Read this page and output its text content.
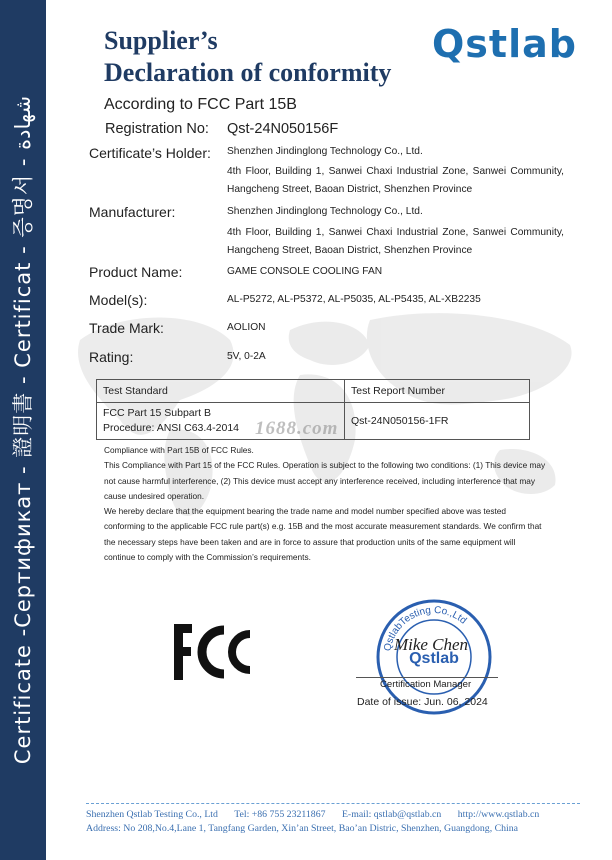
Certificate -Сертификат - 證明書 - Certificat - 증명서 - شهادة
Supplier’s
Declaration of conformity
Qstlab
According to FCC Part 15B
Registration No: Qst-24N050156F
Certificate’s Holder: Shenzhen Jindinglong Technology Co., Ltd.
4th Floor, Building 1, Sanwei Chaxi Industrial Zone, Sanwei Community, Hangcheng Street, Baoan District, Shenzhen Province
Manufacturer:	Shenzhen Jindinglong Technology Co., Ltd.
4th Floor, Building 1, Sanwei Chaxi Industrial Zone, Sanwei Community, Hangcheng Street, Baoan District, Shenzhen Province
Product Name:	GAME CONSOLE COOLING FAN
Model(s):	AL-P5272, AL-P5372, AL-P5035, AL-P5435, AL-XB2235
Trade Mark:	AOLION
Rating:	5V, 0-2A
Test Standard	Test Report Number

FCC Part 15 Subpart B
Procedure: ANSI C63.4-2014	Qst-24N050156-1FR
1688.com

Compliance with Part 15B of FCC Rules.

This Compliance with Part 15 of the FCC Rules. Operation is subject to the following two conditions: (1) This device may not cause harmful interference, (2) This device must accept any interference received, including interference that may cause undesired operation.

We hereby declare that the equipment bearing the trade name and model number specified above was tested conforming to the applicable FCC rule part(s) e.g. 15B and the most accurate measurement standards. We confirm that the necessary steps have been taken and are in force to assure that production units of the same equipment will continue to comply with the Commission’s requirements.

QstlabTesting Co.,Ltd
Qstlab
Mike Chen
Certification Manager
Date of issue: Jun. 06, 2024
Shenzhen Qstlab Testing Co., Ltd Tel: +86 755 23211867 E-mail: qstlab@qstlab.cn http://www.qstlab.cn
Address: No 208,No.4,Lane 1, Tangfang Garden, Xin’an Street, Bao’an Distric, Shenzhen, Guangdong, China
